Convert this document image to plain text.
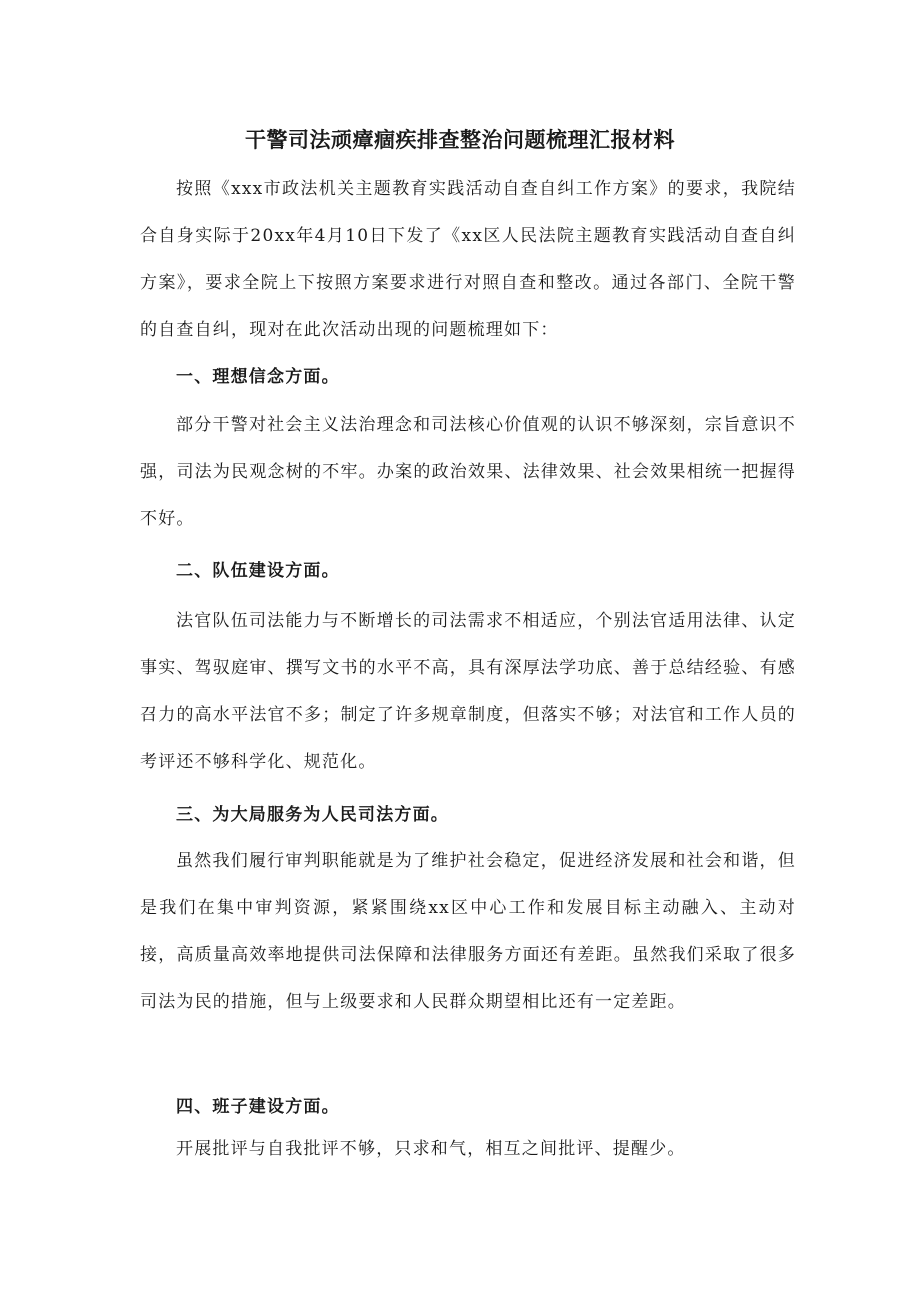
干警司法顽瘴痼疾排查整治问题梳理汇报材料

按照《xxx市政法机关主题教育实践活动自查自纠工作方案》的要求，我院结合自身实际于20xx年4月10日下发了《xx区人民法院主题教育实践活动自查自纠方案》，要求全院上下按照方案要求进行对照自查和整改。通过各部门、全院干警的自查自纠，现对在此次活动出现的问题梳理如下：

一、理想信念方面。

部分干警对社会主义法治理念和司法核心价值观的认识不够深刻，宗旨意识不强，司法为民观念树的不牢。办案的政治效果、法律效果、社会效果相统一把握得不好。

二、队伍建设方面。

法官队伍司法能力与不断增长的司法需求不相适应，个别法官适用法律、认定事实、驾驭庭审、撰写文书的水平不高，具有深厚法学功底、善于总结经验、有感召力的高水平法官不多；制定了许多规章制度，但落实不够；对法官和工作人员的考评还不够科学化、规范化。

三、为大局服务为人民司法方面。

虽然我们履行审判职能就是为了维护社会稳定，促进经济发展和社会和谐，但是我们在集中审判资源，紧紧围绕xx区中心工作和发展目标主动融入、主动对接，高质量高效率地提供司法保障和法律服务方面还有差距。虽然我们采取了很多司法为民的措施，但与上级要求和人民群众期望相比还有一定差距。

四、班子建设方面。

开展批评与自我批评不够，只求和气，相互之间批评、提醒少。
